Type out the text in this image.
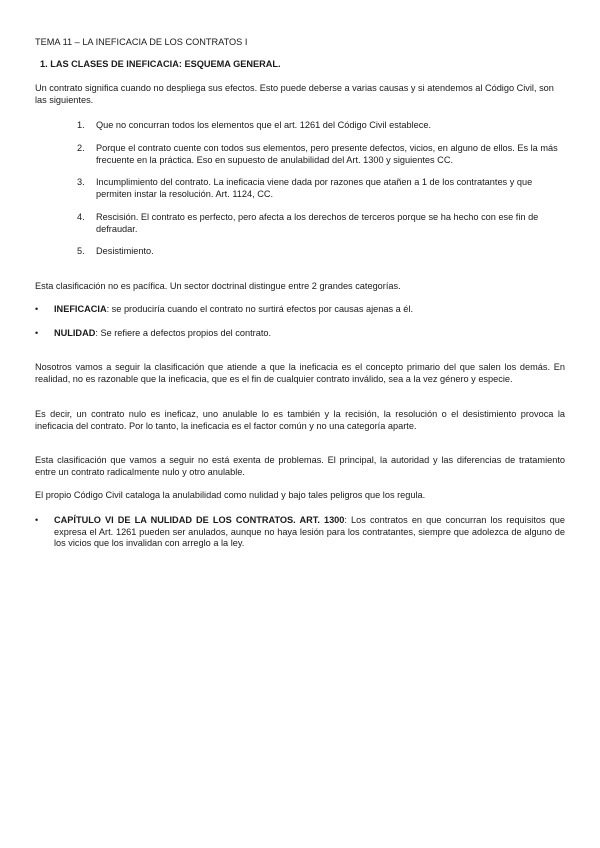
TEMA 11 – LA INEFICACIA DE LOS CONTRATOS I

1. LAS CLASES DE INEFICACIA: ESQUEMA GENERAL.

Un contrato significa cuando no despliega sus efectos. Esto puede deberse a varias causas y si atendemos al Código Civil, son las siguientes.

1.	Que no concurran todos los elementos que el art. 1261 del Código Civil establece.

2.	Porque el contrato cuente con todos sus elementos, pero presente defectos, vicios, en alguno de ellos. Es la más frecuente en la práctica. Eso en supuesto de anulabilidad del Art. 1300 y siguientes CC.

3.	Incumplimiento del contrato. La ineficacia viene dada por razones que atañen a 1 de los contratantes y que permiten instar la resolución. Art. 1124, CC.

4.	Rescisión. El contrato es perfecto, pero afecta a los derechos de terceros porque se ha hecho con ese fin de defraudar.

5.	Desistimiento.

Esta clasificación no es pacífica. Un sector doctrinal distingue entre 2 grandes categorías.

•	INEFICACIA: se produciría cuando el contrato no surtirá efectos por causas ajenas a él.

•	NULIDAD: Se refiere a defectos propios del contrato.

Nosotros vamos a seguir la clasificación que atiende a que la ineficacia es el concepto primario del que salen los demás. En realidad, no es razonable que la ineficacia, que es el fin de cualquier contrato inválido, sea a la vez género y especie.

Es decir, un contrato nulo es ineficaz, uno anulable lo es también y la recisión, la resolución o el desistimiento provoca la ineficacia del contrato. Por lo tanto, la ineficacia es el factor común y no una categoría aparte.

Esta clasificación que vamos a seguir no está exenta de problemas. El principal, la autoridad y las diferencias de tratamiento entre un contrato radicalmente nulo y otro anulable.

El propio Código Civil cataloga la anulabilidad como nulidad y bajo tales peligros que los regula.

•	CAPÍTULO VI DE LA NULIDAD DE LOS CONTRATOS. ART. 1300: Los contratos en que concurran los requisitos que expresa el Art. 1261 pueden ser anulados, aunque no haya lesión para los contratantes, siempre que adolezca de alguno de los vicios que los invalidan con arreglo a la ley.
